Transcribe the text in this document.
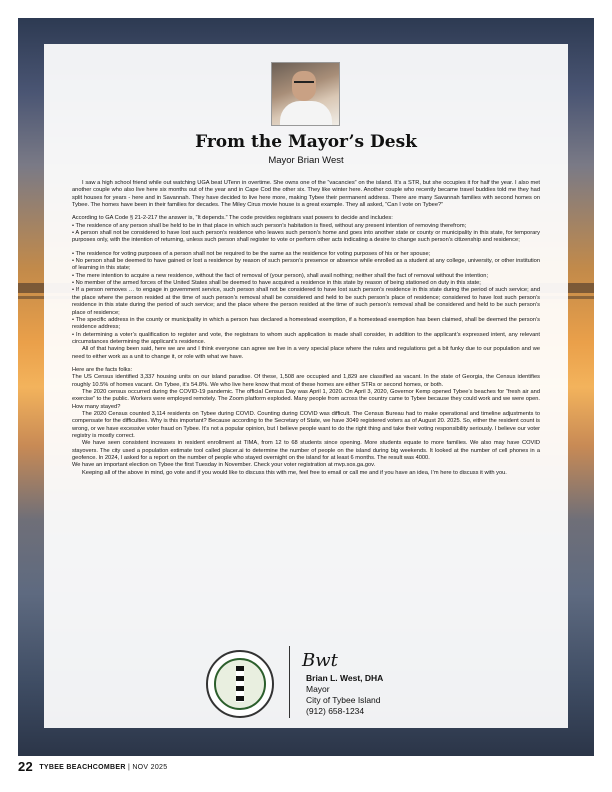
From the Mayor’s Desk
Mayor Brian West

I saw a high school friend while out watching UGA beat UTenn in overtime. She owns one of the “vacancies” on the island. It’s a STR, but she occupies it for half the year. I also met another couple who also live here six months out of the year and in Cape Cod the other six. They like winter here. Another couple who recently became travel buddies told me they had split houses for years - here and in Savannah. They have decided to live here more, making Tybee their permanent address. There are many Savannah families with second homes on Tybee. The homes have been in their families for decades. The Miley Cirus movie house is a great example. They all asked, “Can I vote on Tybee?”

According to GA Code § 21-2-217 the answer is, “It depends.” The code provides registrars vast powers to decide and includes:

• The residence of any person shall be held to be in that place in which such person’s habitation is fixed, without any present intention of removing therefrom;

• A person shall not be considered to have lost such person’s residence who leaves such person’s home and goes into another state or county or municipality in this state, for temporary purposes only, with the intention of returning, unless such person shall register to vote or perform other acts indicating a desire to change such person’s citizenship and residence;

• The residence for voting purposes of a person shall not be required to be the same as the residence for voting purposes of his or her spouse;

• No person shall be deemed to have gained or lost a residence by reason of such person’s presence or absence while enrolled as a student at any college, university, or other institution of learning in this state;

• The mere intention to acquire a new residence, without the fact of removal of (your person), shall avail nothing; neither shall the fact of removal without the intention;

• No member of the armed forces of the United States shall be deemed to have acquired a residence in this state by reason of being stationed on duty in this state;

• If a person removes … to engage in government service, such person shall not be considered to have lost such person’s residence in this state during the period of such service; and the place where the person resided at the time of such person’s removal shall be considered and held to be such person’s place of residence; considered to have lost such person’s residence in this state during the period of such service; and the place where the person resided at the time of such person’s removal shall be considered and held to be such person’s place of residence;

• The specific address in the county or municipality in which a person has declared a homestead exemption, if a homestead exemption has been claimed, shall be deemed the person’s residence address;

• In determining a voter’s qualification to register and vote, the registrars to whom such application is made shall consider, in addition to the applicant’s expressed intent, any relevant circumstances determining the applicant’s residence.

All of that having been said, here we are and I think everyone can agree we live in a very special place where the rules and regulations get a bit funky due to our population and we need to either work as a unit to change it, or role with what we have.

Here are the facts folks:

The US Census identified 3,337 housing units on our island paradise. Of these, 1,508 are occupied and 1,829 are classified as vacant. In the state of Georgia, the Census identifies roughly 10.5% of homes vacant. On Tybee, it’s 54.8%. We who live here know that most of these homes are either STRs or second homes, or both.

The 2020 census occurred during the COVID-19 pandemic. The official Census Day was April 1, 2020. On April 3, 2020, Governor Kemp opened Tybee’s beaches for “fresh air and exercise” to the public. Workers were employed remotely. The Zoom platform exploded. Many people from across the country came to Tybee because they could work and we were open. How many stayed?

The 2020 Census counted 3,114 residents on Tybee during COVID. Counting during COVID was difficult. The Census Bureau had to make operational and timeline adjustments to compensate for the difficulties. Why is this important? Because according to the Secretary of State, we have 3049 registered voters as of August 20. 2025. So, either the resident count is wrong, or we have excessive voter fraud on Tybee. It’s not a popular opinion, but I believe people want to do the right thing and take their voting responsibility seriously. I believe our voter registry is mostly correct.

We have seen consistent increases in resident enrollment at TIMA, from 12 to 68 students since opening. More students equate to more families. We also may have COVID stayovers. The city used a population estimate tool called placer.ai to determine the number of people on the island during big weekends. It looked at the number of cell phones in a geofence. In 2024, I asked for a report on the number of people who stayed overnight on the island for at least 6 months. The result was 4000.

We have an important election on Tybee the first Tuesday in November. Check your voter registration at mvp.sos.ga.gov.

Keeping all of the above in mind, go vote and if you would like to discuss this with me, feel free to email or call me and if you have an idea, I’m here to discuss it with you.

Bwt
Brian L. West, DHA
Mayor
City of Tybee Island
(912) 658-1234
22 TYBEE BEACHCOMBER | NOV 2025
